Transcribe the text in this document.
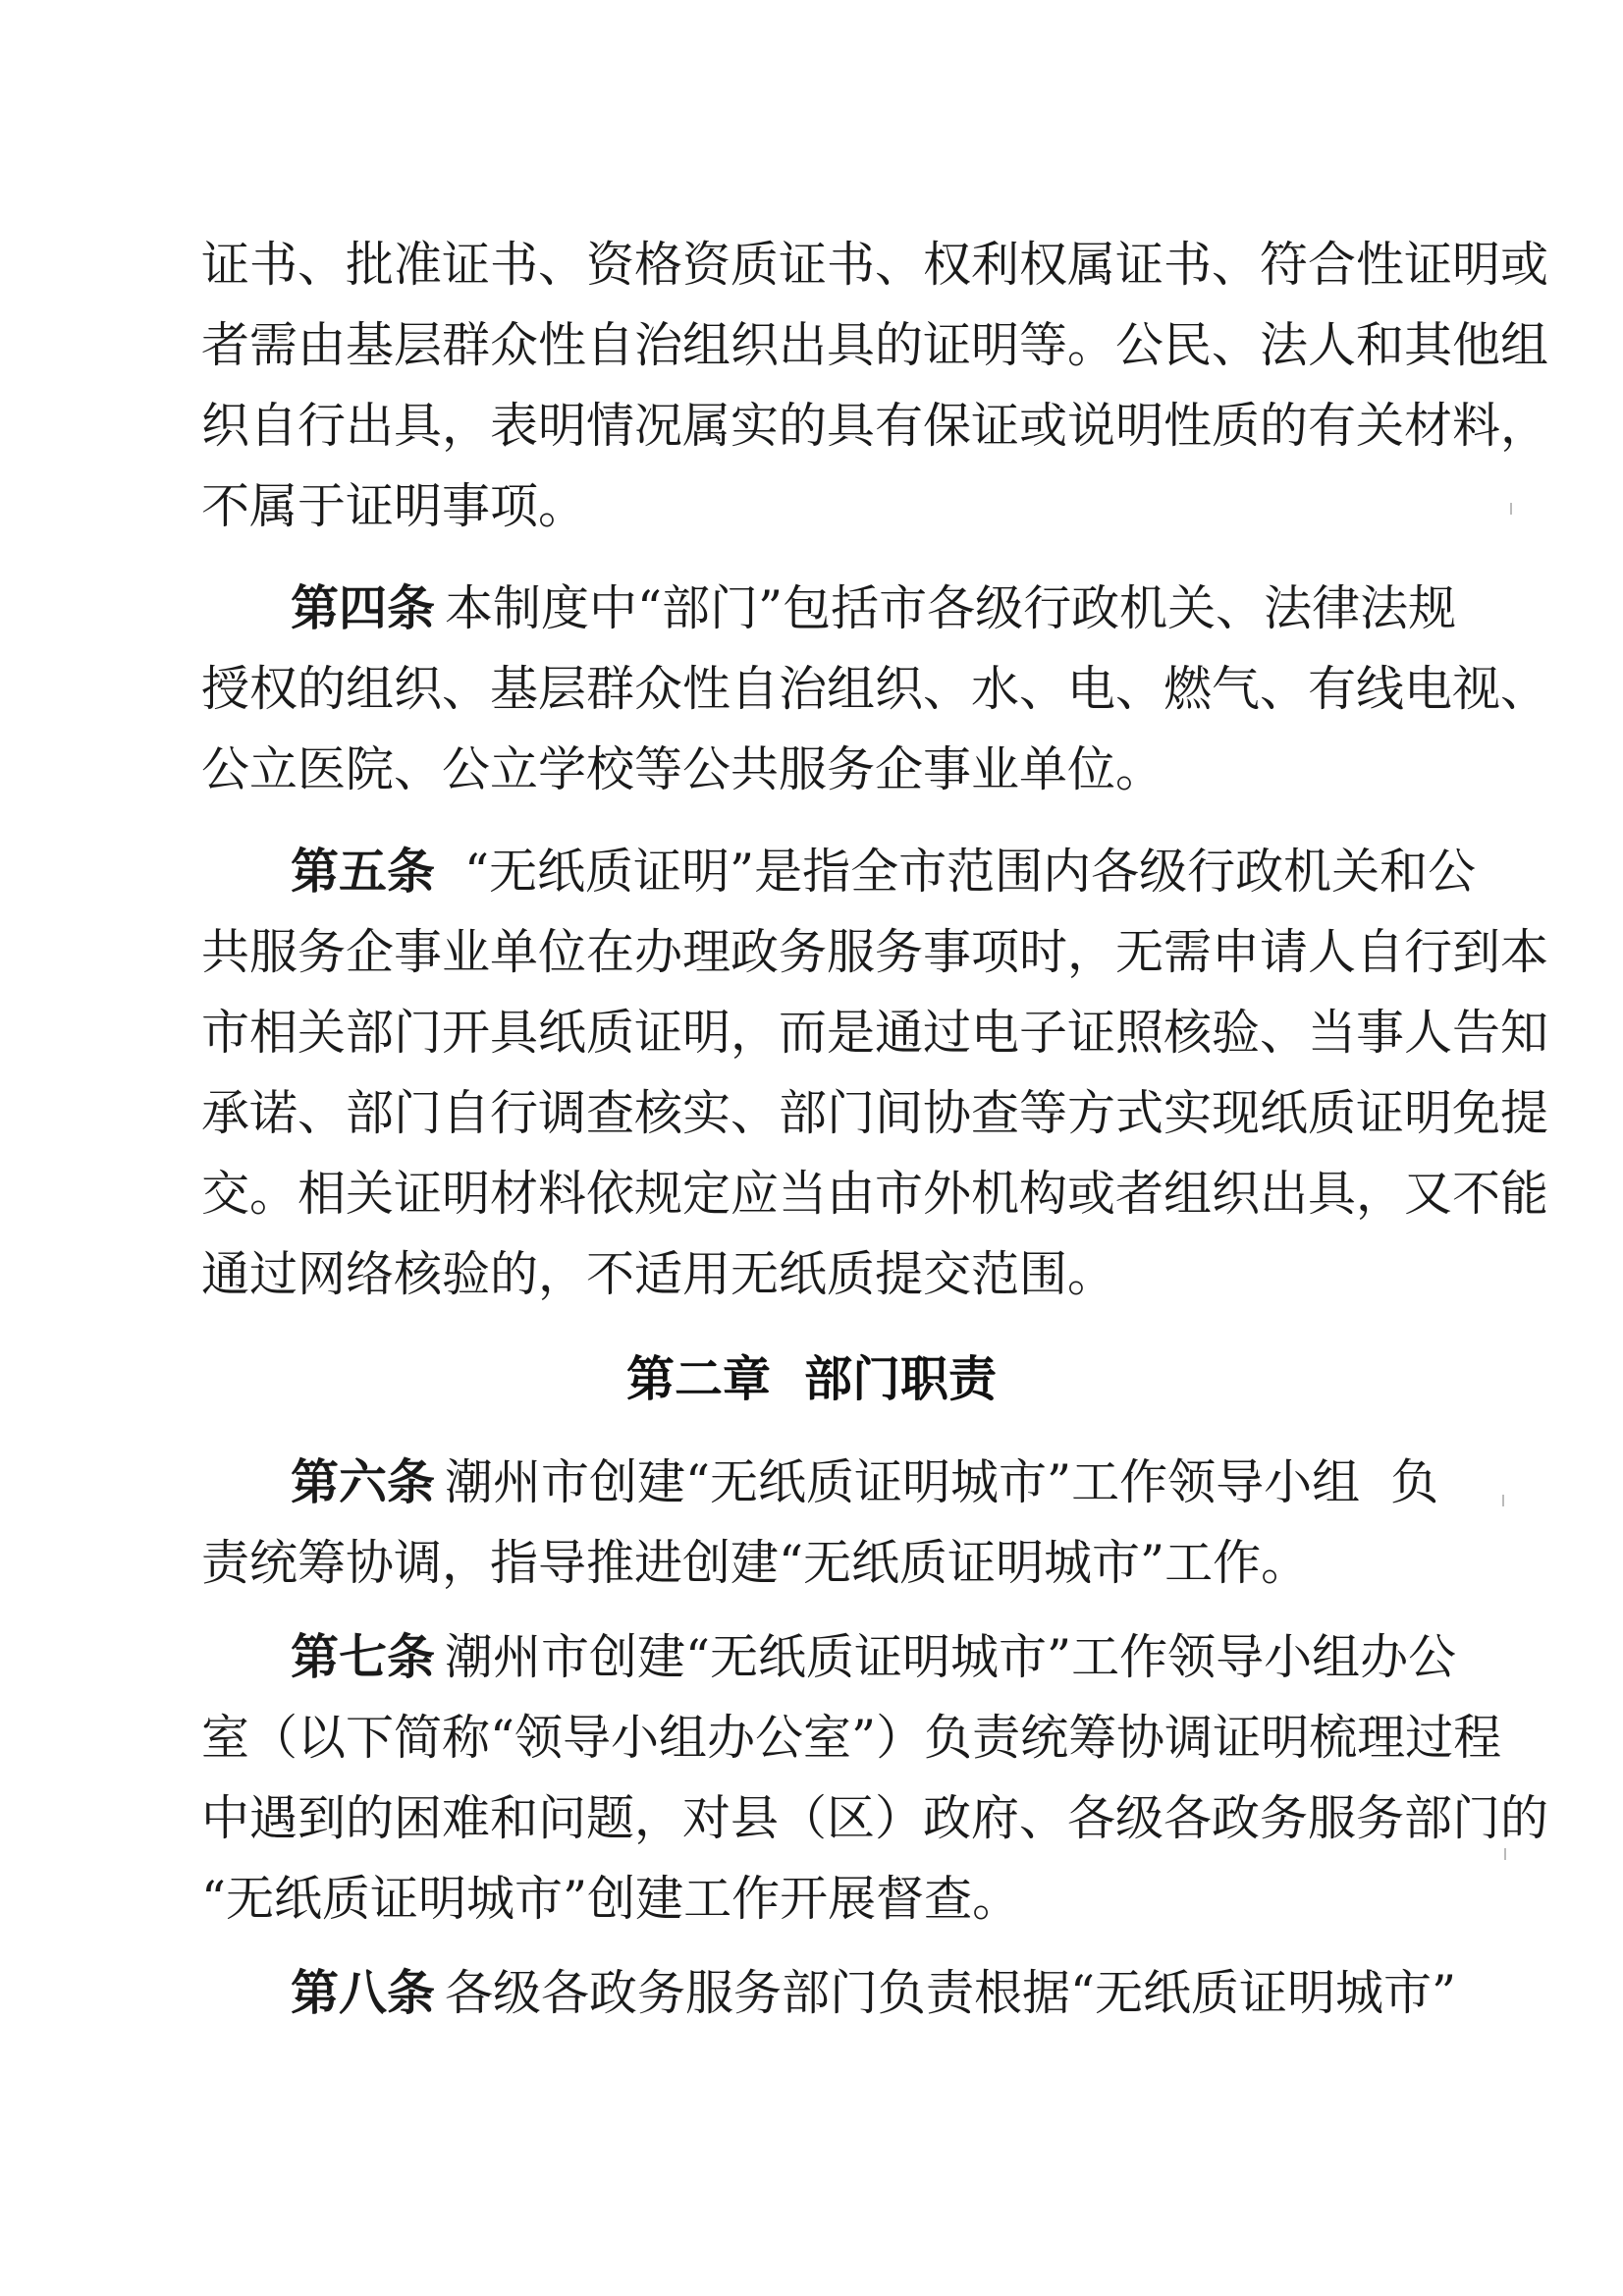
证书、批准证书、资格资质证书、权利权属证书、符合性证明或
者需由基层群众性自治组织出具的证明等。公民、法人和其他组
织自行出具，表明情况属实的具有保证或说明性质的有关材料，
不属于证明事项。
第四条 本制度中“部门”包括市各级行政机关、法律法规
授权的组织、基层群众性自治组织、水、电、燃气、有线电视、
公立医院、公立学校等公共服务企事业单位。
第五条 “无纸质证明”是指全市范围内各级行政机关和公
共服务企事业单位在办理政务服务事项时，无需申请人自行到本
市相关部门开具纸质证明，而是通过电子证照核验、当事人告知
承诺、部门自行调查核实、部门间协查等方式实现纸质证明免提
交。相关证明材料依规定应当由市外机构或者组织出具，又不能
通过网络核验的，不适用无纸质提交范围。
第二章  部门职责
第六条 潮州市创建“无纸质证明城市”工作领导小组  负
责统筹协调，指导推进创建“无纸质证明城市”工作。
第七条 潮州市创建“无纸质证明城市”工作领导小组办公
室（以下简称“领导小组办公室”）负责统筹协调证明梳理过程
中遇到的困难和问题，对县（区）政府、各级各政务服务部门的
“无纸质证明城市”创建工作开展督查。
第八条 各级各政务服务部门负责根据“无纸质证明城市”
